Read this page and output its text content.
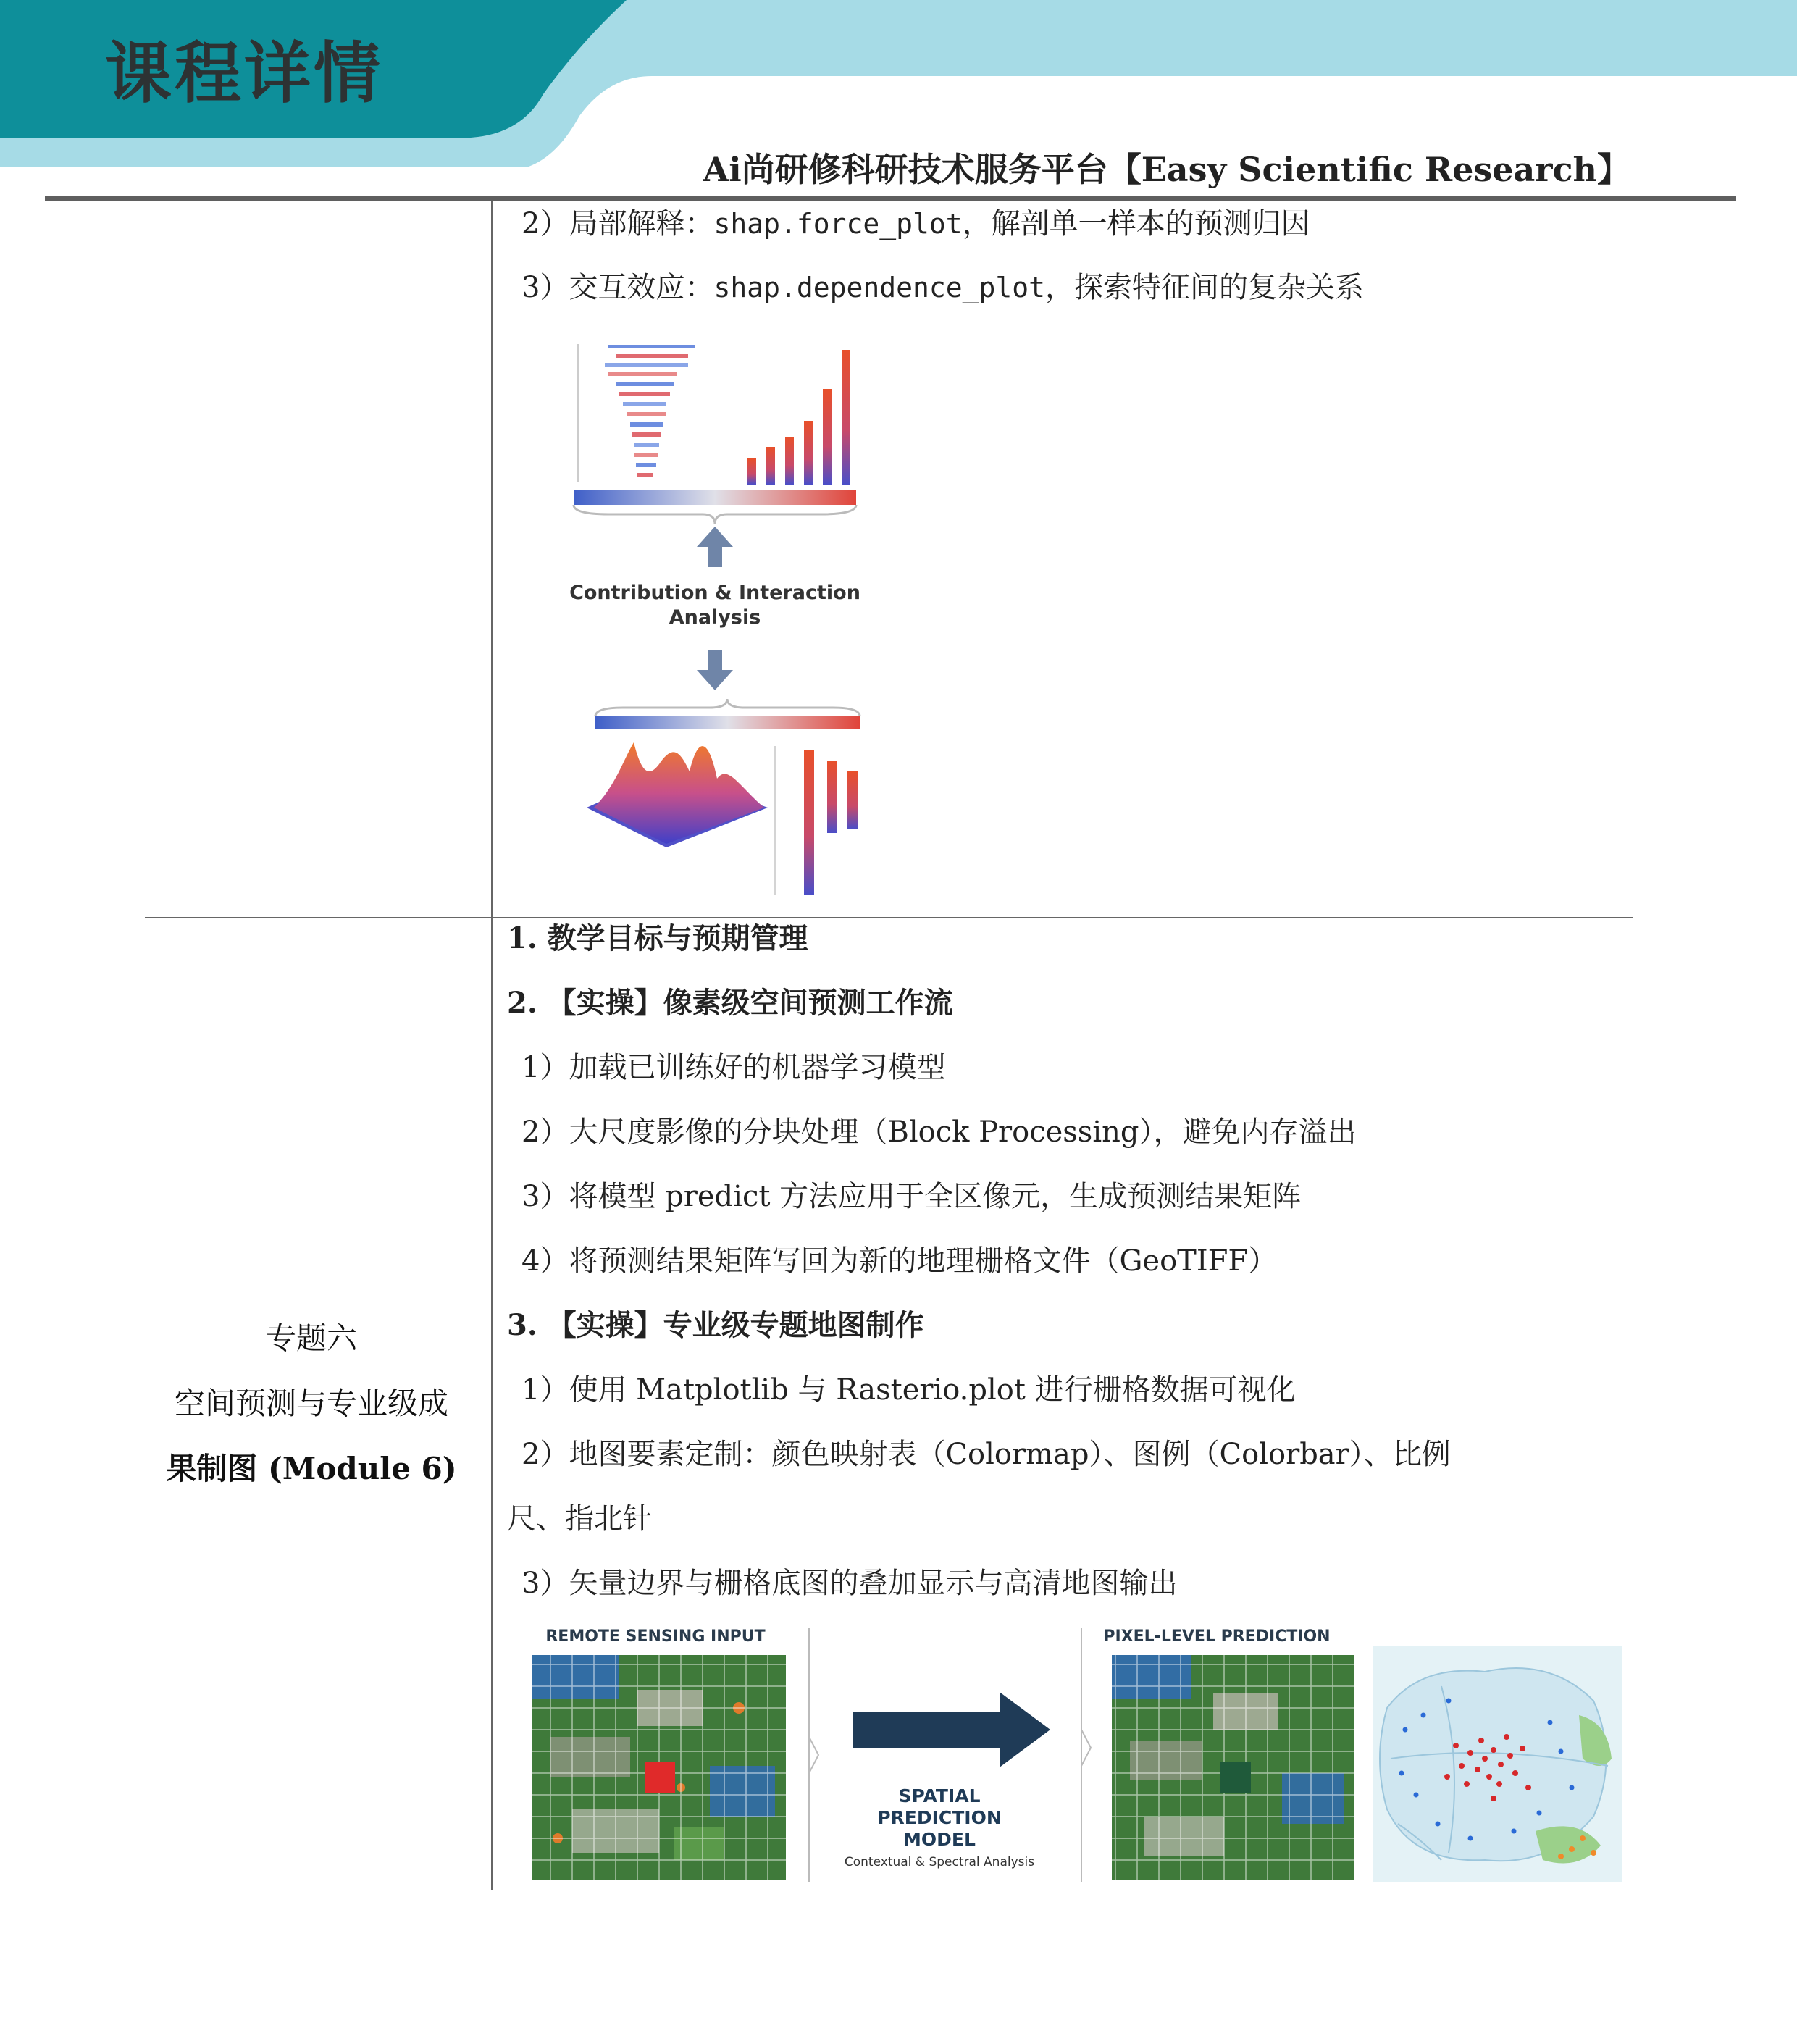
课程详情
Ai尚研修科研技术服务平台【Easy Scientific Research】
2）局部解释：shap.force_plot，解剖单一样本的预测归因
3）交互效应：shap.dependence_plot，探索特征间的复杂关系
Contribution & Interaction
Analysis
专题六
空间预测与专业级成
果制图 (Module 6)
1. 教学目标与预期管理
2. 【实操】像素级空间预测工作流
1）加载已训练好的机器学习模型
2）大尺度影像的分块处理（Block Processing），避免内存溢出
3）将模型 predict 方法应用于全区像元，生成预测结果矩阵
4）将预测结果矩阵写回为新的地理栅格文件（GeoTIFF）
3. 【实操】专业级专题地图制作
1）使用 Matplotlib 与 Rasterio.plot 进行栅格数据可视化
2）地图要素定制：颜色映射表（Colormap）、图例（Colorbar）、比例
尺、指北针
3）矢量边界与栅格底图的叠加显示与高清地图输出
REMOTE SENSING INPUT
SPATIAL
PREDICTION
MODEL
Contextual & Spectral Analysis
PIXEL-LEVEL PREDICTION
